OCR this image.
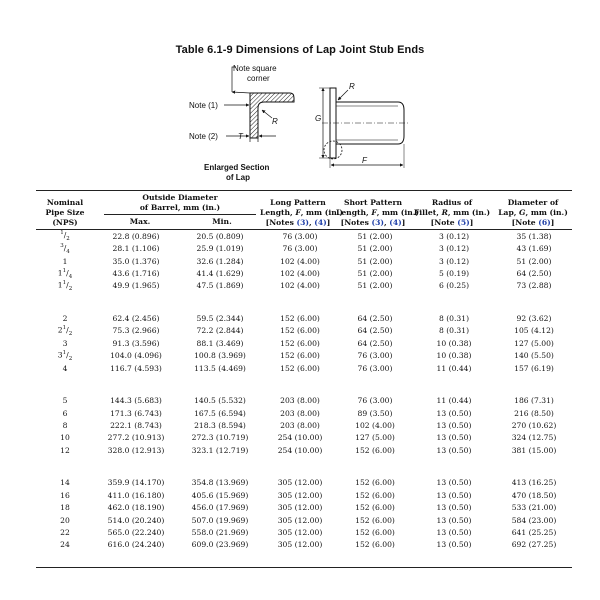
Table 6.1-9 Dimensions of Lap Joint Stub Ends
Note square
corner
Note (1)
R
Note (2)	T
Enlarged Section
of Lap
G
F
R
Nominal
Pipe Size
(NPS)
Outside Diameter
of Barrel, mm (in.)
Max.	Min.
Long Pattern
Length, F, mm (in.)
[Notes (3), (4)]
Short Pattern
Length, F, mm (in.)
[Notes (3), (4)]
Radius of
Fillet, R, mm (in.)
[Note (5)]
Diameter of
Lap, G, mm (in.)
[Note (6)]
$^1/_2$	22.8 (0.896)	20.5 (0.809)	76 (3.00)	51 (2.00)	3 (0.12)	35 (1.38)
$^3/_4$	28.1 (1.106)	25.9 (1.019)	76 (3.00)	51 (2.00)	3 (0.12)	43 (1.69)
1	35.0 (1.376)	32.6 (1.284)	102 (4.00)	51 (2.00)	3 (0.12)	51 (2.00)
$1^1/_4$	43.6 (1.716)	41.4 (1.629)	102 (4.00)	51 (2.00)	5 (0.19)	64 (2.50)
$1^1/_2$	49.9 (1.965)	47.5 (1.869)	102 (4.00)	51 (2.00)	6 (0.25)	73 (2.88)

2	62.4 (2.456)	59.5 (2.344)	152 (6.00)	64 (2.50)	8 (0.31)	92 (3.62)
$2^1/_2$	75.3 (2.966)	72.2 (2.844)	152 (6.00)	64 (2.50)	8 (0.31)	105 (4.12)
3	91.3 (3.596)	88.1 (3.469)	152 (6.00)	64 (2.50)	10 (0.38)	127 (5.00)
$3^1/_2$	104.0 (4.096)	100.8 (3.969)	152 (6.00)	76 (3.00)	10 (0.38)	140 (5.50)
4	116.7 (4.593)	113.5 (4.469)	152 (6.00)	76 (3.00)	11 (0.44)	157 (6.19)

5	144.3 (5.683)	140.5 (5.532)	203 (8.00)	76 (3.00)	11 (0.44)	186 (7.31)
6	171.3 (6.743)	167.5 (6.594)	203 (8.00)	89 (3.50)	13 (0.50)	216 (8.50)
8	222.1 (8.743)	218.3 (8.594)	203 (8.00)	102 (4.00)	13 (0.50)	270 (10.62)
10	277.2 (10.913)	272.3 (10.719)	254 (10.00)	127 (5.00)	13 (0.50)	324 (12.75)
12	328.0 (12.913)	323.1 (12.719)	254 (10.00)	152 (6.00)	13 (0.50)	381 (15.00)

14	359.9 (14.170)	354.8 (13.969)	305 (12.00)	152 (6.00)	13 (0.50)	413 (16.25)
16	411.0 (16.180)	405.6 (15.969)	305 (12.00)	152 (6.00)	13 (0.50)	470 (18.50)
18	462.0 (18.190)	456.0 (17.969)	305 (12.00)	152 (6.00)	13 (0.50)	533 (21.00)
20	514.0 (20.240)	507.0 (19.969)	305 (12.00)	152 (6.00)	13 (0.50)	584 (23.00)
22	565.0 (22.240)	558.0 (21.969)	305 (12.00)	152 (6.00)	13 (0.50)	641 (25.25)
24	616.0 (24.240)	609.0 (23.969)	305 (12.00)	152 (6.00)	13 (0.50)	692 (27.25)
